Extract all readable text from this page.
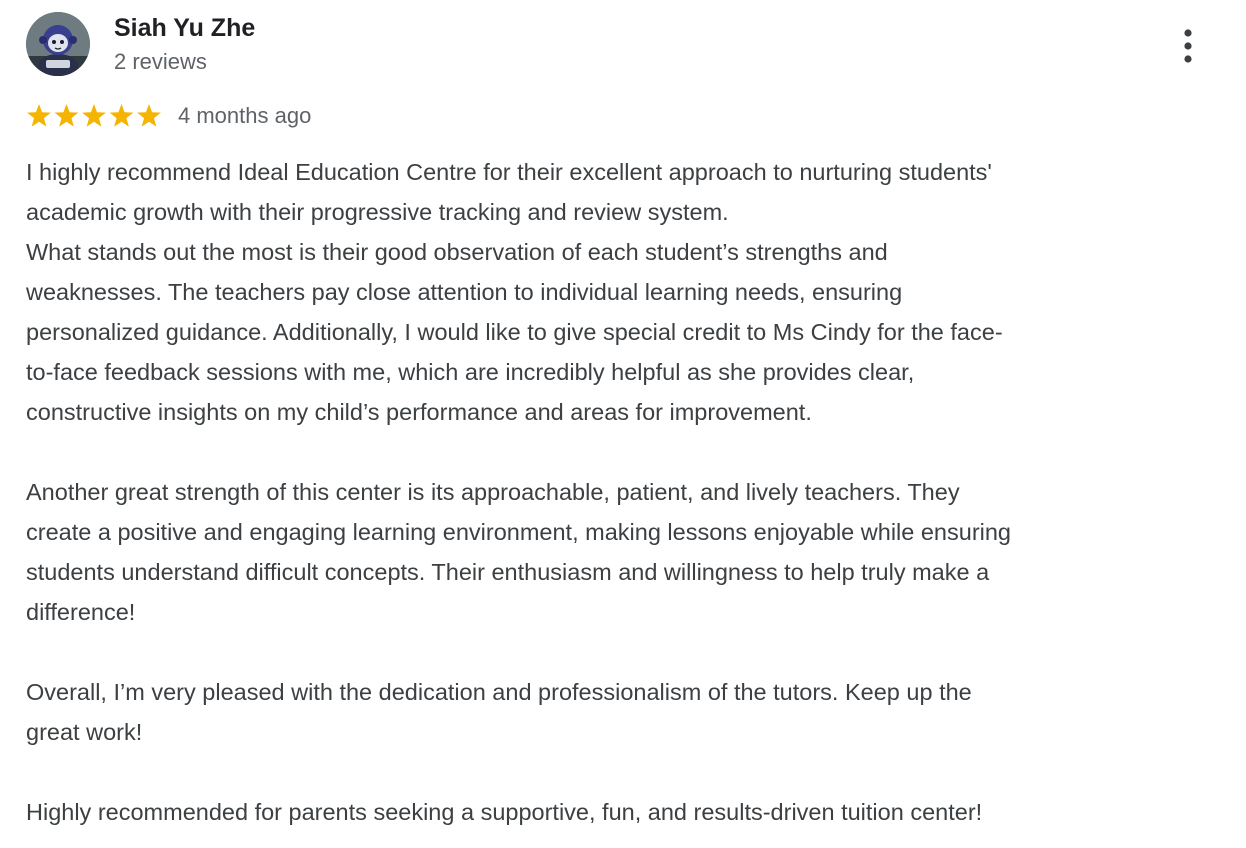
Siah Yu Zhe
2 reviews
4 months ago

I highly recommend Ideal Education Centre for their excellent approach to nurturing students'

academic growth with their progressive tracking and review system.

What stands out the most is their good observation of each student’s strengths and

weaknesses. The teachers pay close attention to individual learning needs, ensuring

personalized guidance. Additionally, I would like to give special credit to Ms Cindy for the face-

to-face feedback sessions with me, which are incredibly helpful as she provides clear,

constructive insights on my child’s performance and areas for improvement.

Another great strength of this center is its approachable, patient, and lively teachers. They

create a positive and engaging learning environment, making lessons enjoyable while ensuring

students understand difficult concepts. Their enthusiasm and willingness to help truly make a

difference!

Overall, I’m very pleased with the dedication and professionalism of the tutors. Keep up the

great work!

Highly recommended for parents seeking a supportive, fun, and results-driven tuition center!
